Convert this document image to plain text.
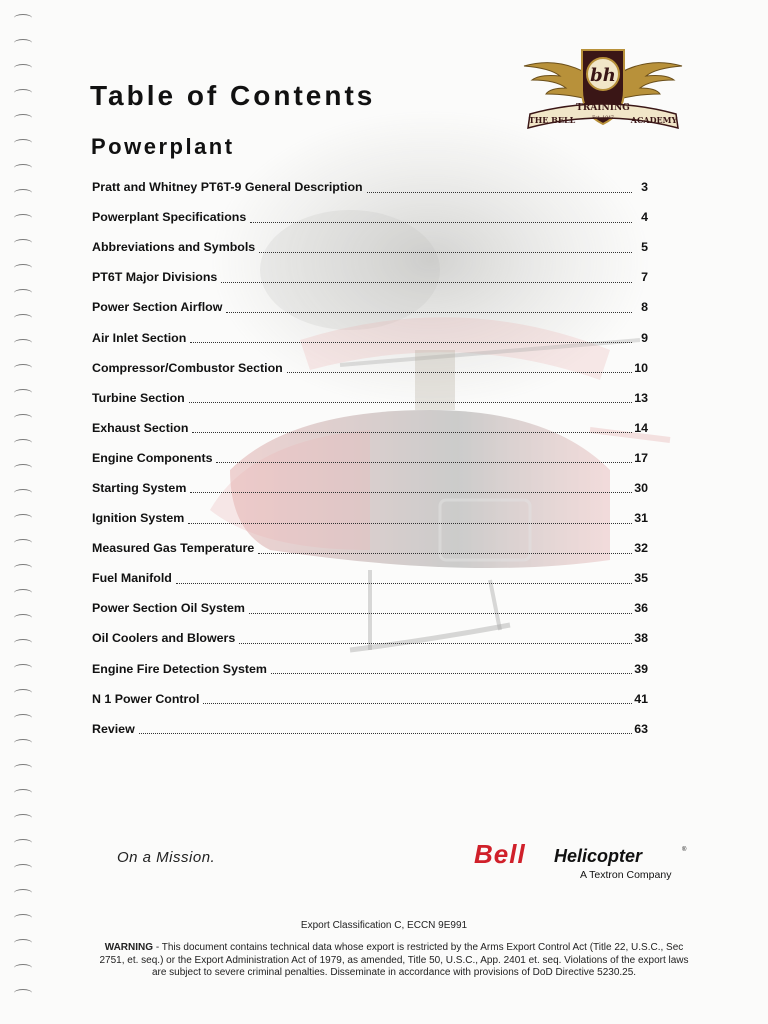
Table of Contents
Powerplant
bh
THE BELL
TRAINING
Est. 1947 ACADEMY
Pratt and Whitney PT6T-9 General Description	3
Powerplant Specifications	4
Abbreviations and Symbols	5
PT6T Major Divisions	7
Power Section Airflow	8
Air Inlet Section	9
Compressor/Combustor Section	10
Turbine Section	13
Exhaust Section	14
Engine Components	17
Starting System	30
Ignition System	31
Measured Gas Temperature	32
Fuel Manifold	35
Power Section Oil System	36
Oil Coolers and Blowers	38
Engine Fire Detection System	39
N 1 Power Control	41
Review	63
On a Mission.	Bell Helicopter	®
A Textron Company
Export Classification C, ECCN 9E991
WARNING - This document contains technical data whose export is restricted by the Arms Export Control Act (Title 22, U.S.C., Sec 2751, et. seq.) or the Export Administration Act of 1979, as amended, Title 50, U.S.C., App. 2401 et. seq. Violations of the export laws are subject to severe criminal penalties. Disseminate in accordance with provisions of DoD Directive 5230.25.
